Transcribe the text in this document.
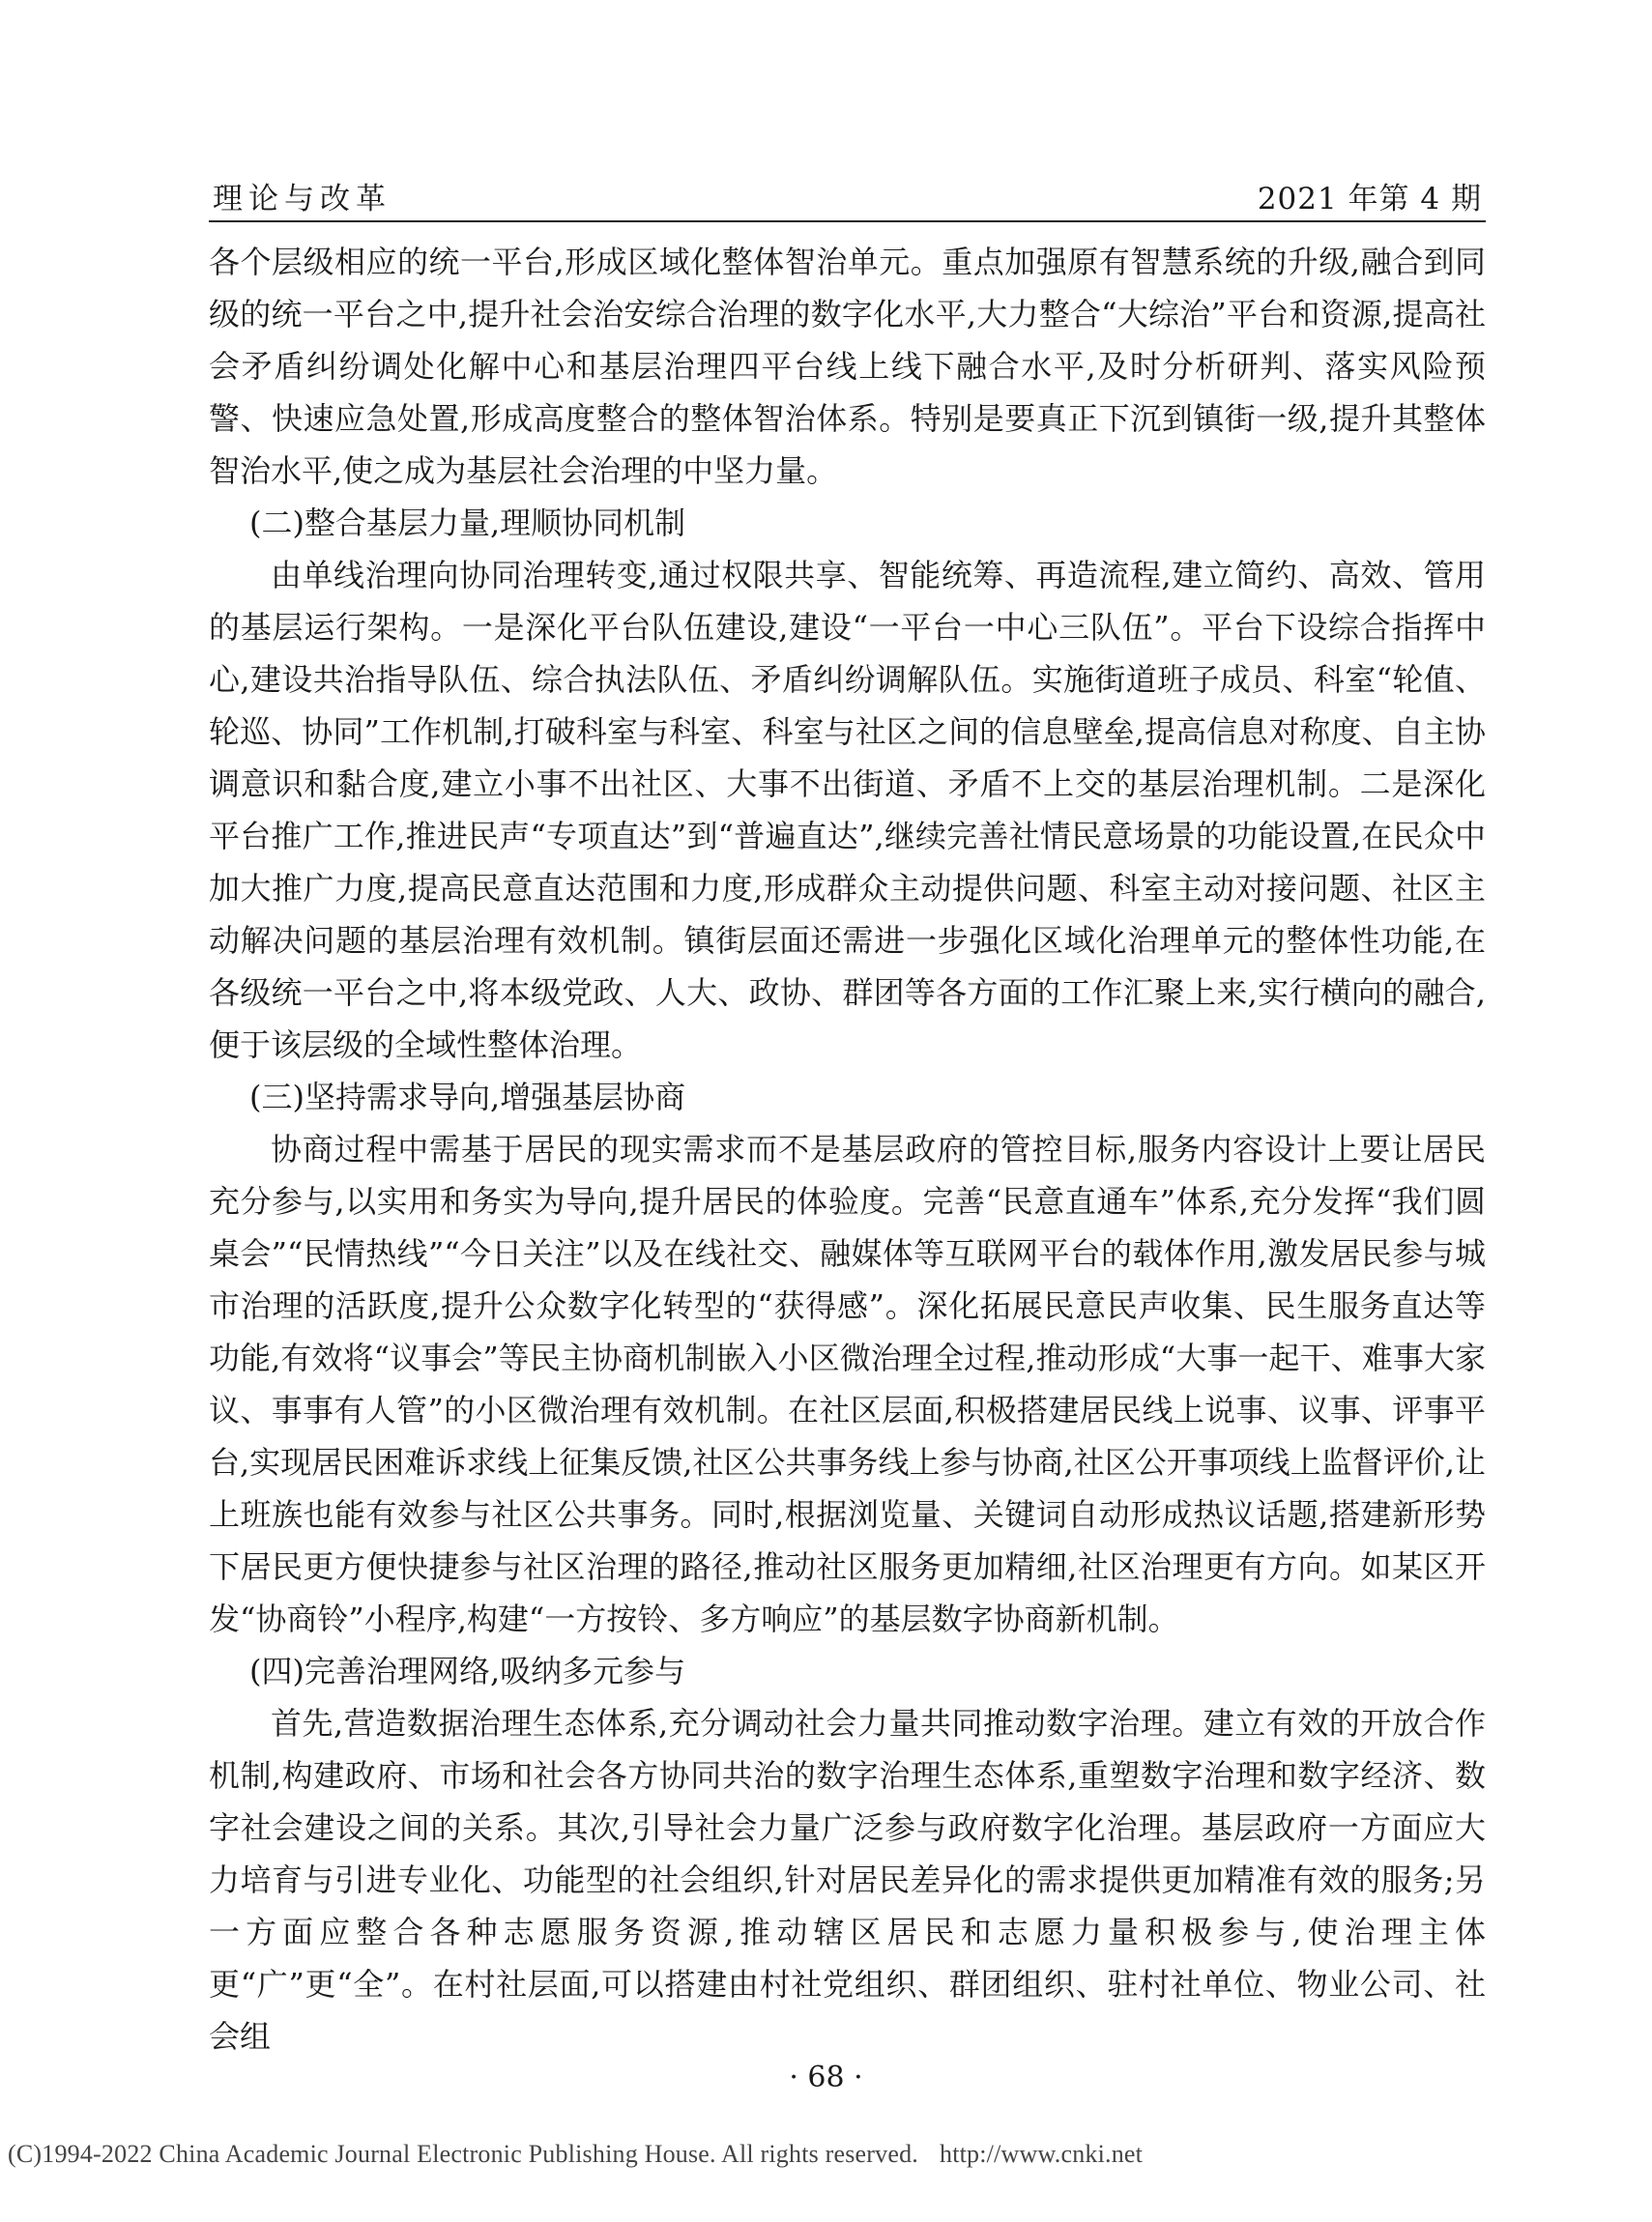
理论与改革	2021 年第 4 期

各个层级相应的统一平台,形成区域化整体智治单元。重点加强原有智慧系统的升级,融合到同级的统一平台之中,提升社会治安综合治理的数字化水平,大力整合“大综治”平台和资源,提高社会矛盾纠纷调处化解中心和基层治理四平台线上线下融合水平,及时分析研判、落实风险预警、快速应急处置,形成高度整合的整体智治体系。特别是要真正下沉到镇街一级,提升其整体智治水平,使之成为基层社会治理的中坚力量。

(二)整合基层力量,理顺协同机制

由单线治理向协同治理转变,通过权限共享、智能统筹、再造流程,建立简约、高效、管用的基层运行架构。一是深化平台队伍建设,建设“一平台一中心三队伍”。平台下设综合指挥中心,建设共治指导队伍、综合执法队伍、矛盾纠纷调解队伍。实施街道班子成员、科室“轮值、轮巡、协同”工作机制,打破科室与科室、科室与社区之间的信息壁垒,提高信息对称度、自主协调意识和黏合度,建立小事不出社区、大事不出街道、矛盾不上交的基层治理机制。二是深化平台推广工作,推进民声“专项直达”到“普遍直达”,继续完善社情民意场景的功能设置,在民众中加大推广力度,提高民意直达范围和力度,形成群众主动提供问题、科室主动对接问题、社区主动解决问题的基层治理有效机制。镇街层面还需进一步强化区域化治理单元的整体性功能,在各级统一平台之中,将本级党政、人大、政协、群团等各方面的工作汇聚上来,实行横向的融合,便于该层级的全域性整体治理。

(三)坚持需求导向,增强基层协商

协商过程中需基于居民的现实需求而不是基层政府的管控目标,服务内容设计上要让居民充分参与,以实用和务实为导向,提升居民的体验度。完善“民意直通车”体系,充分发挥“我们圆桌会”“民情热线”“今日关注”以及在线社交、融媒体等互联网平台的载体作用,激发居民参与城市治理的活跃度,提升公众数字化转型的“获得感”。深化拓展民意民声收集、民生服务直达等功能,有效将“议事会”等民主协商机制嵌入小区微治理全过程,推动形成“大事一起干、难事大家议、事事有人管”的小区微治理有效机制。在社区层面,积极搭建居民线上说事、议事、评事平台,实现居民困难诉求线上征集反馈,社区公共事务线上参与协商,社区公开事项线上监督评价,让上班族也能有效参与社区公共事务。同时,根据浏览量、关键词自动形成热议话题,搭建新形势下居民更方便快捷参与社区治理的路径,推动社区服务更加精细,社区治理更有方向。如某区开发“协商铃”小程序,构建“一方按铃、多方响应”的基层数字协商新机制。

(四)完善治理网络,吸纳多元参与

首先,营造数据治理生态体系,充分调动社会力量共同推动数字治理。建立有效的开放合作机制,构建政府、市场和社会各方协同共治的数字治理生态体系,重塑数字治理和数字经济、数字社会建设之间的关系。其次,引导社会力量广泛参与政府数字化治理。基层政府一方面应大力培育与引进专业化、功能型的社会组织,针对居民差异化的需求提供更加精准有效的服务;另一方面应整合各种志愿服务资源,推动辖区居民和志愿力量积极参与,使治理主体更“广”更“全”。在村社层面,可以搭建由村社党组织、群团组织、驻村社单位、物业公司、社会组

· 68 ·
(C)1994-2022 China Academic Journal Electronic Publishing House. All rights reserved. http://www.cnki.net
